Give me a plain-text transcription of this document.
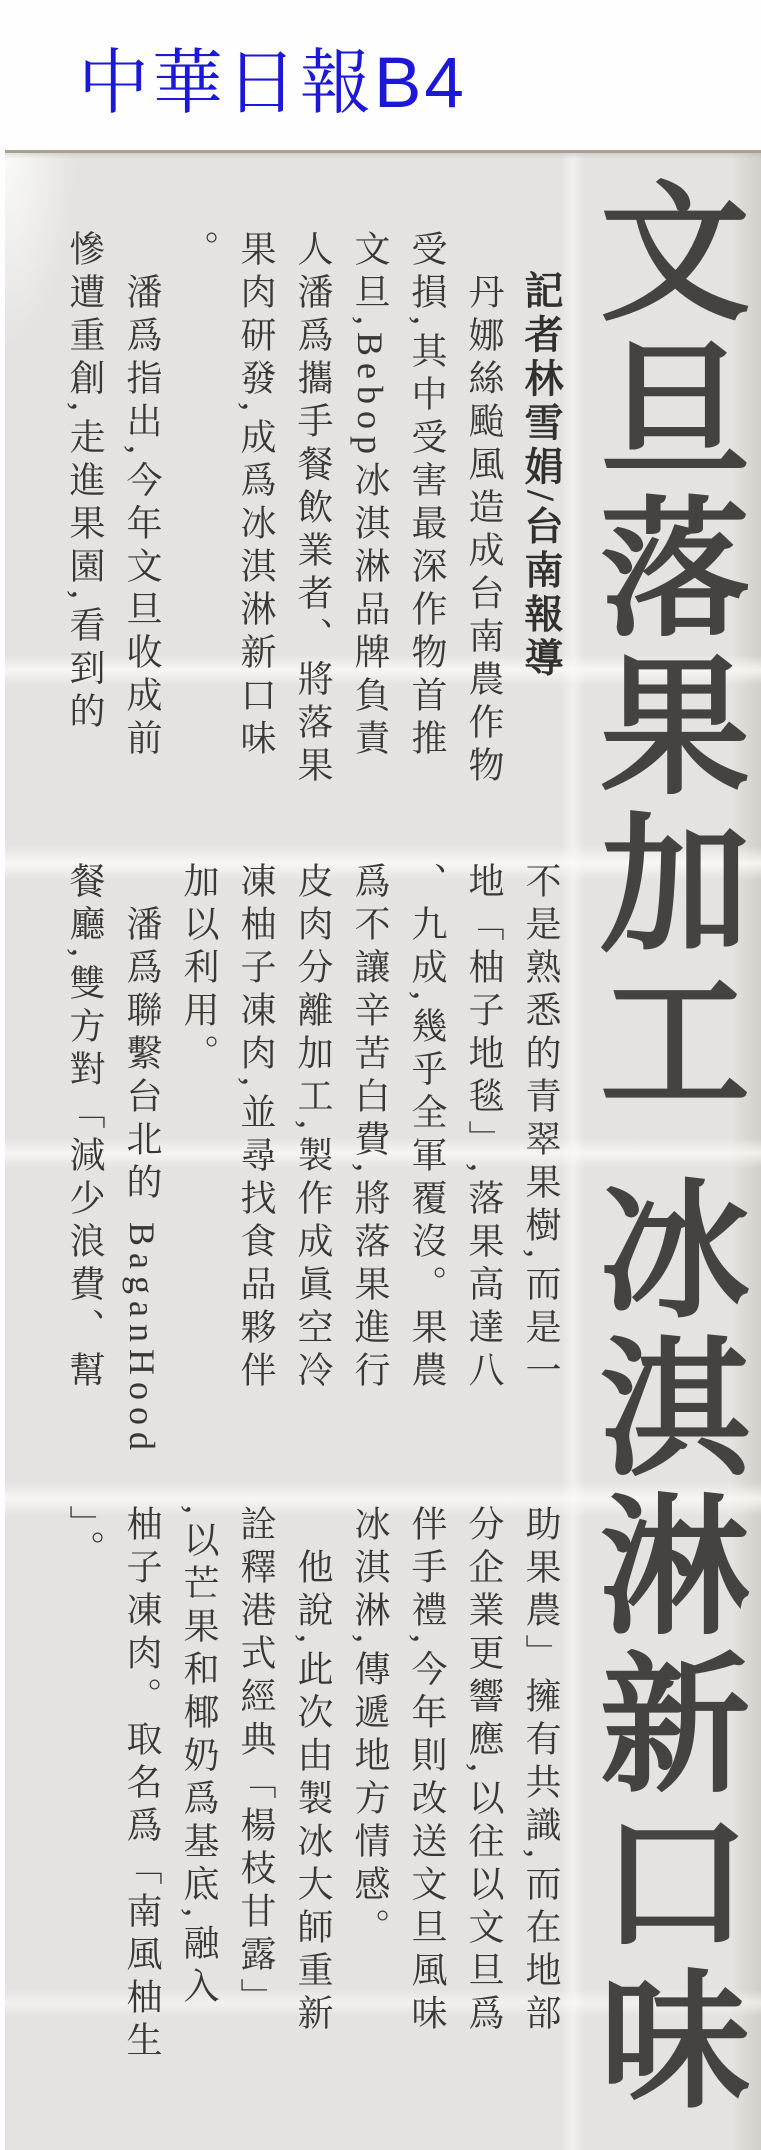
中華日報B4
文旦落果加工 冰淇淋新口味
記者林雪娟/台南報導
丹娜絲颱風造成台南農作物
受損,其中受害最深作物首推
文旦,Bebop冰淇淋品牌負責
人潘爲攜手餐飲業者、將落果
果肉研發,成爲冰淇淋新口味
。
潘爲指出,今年文旦收成前
慘遭重創,走進果園,看到的
不是熟悉的青翠果樹,而是一
地「柚子地毯」,落果高達八
、九成,幾乎全軍覆沒。果農
爲不讓辛苦白費,將落果進行
皮肉分離加工,製作成眞空冷
凍柚子凍肉,並尋找食品夥伴
加以利用。
潘爲聯繫台北的 BaganHood
餐廳,雙方對「減少浪費、幫
助果農」擁有共識,而在地部
分企業更響應,以往以文旦爲
伴手禮,今年則改送文旦風味
冰淇淋,傳遞地方情感。
他說,此次由製冰大師重新
詮釋港式經典「楊枝甘露」
,以芒果和椰奶爲基底,融入
柚子凍肉。取名爲「南風柚生
」。
